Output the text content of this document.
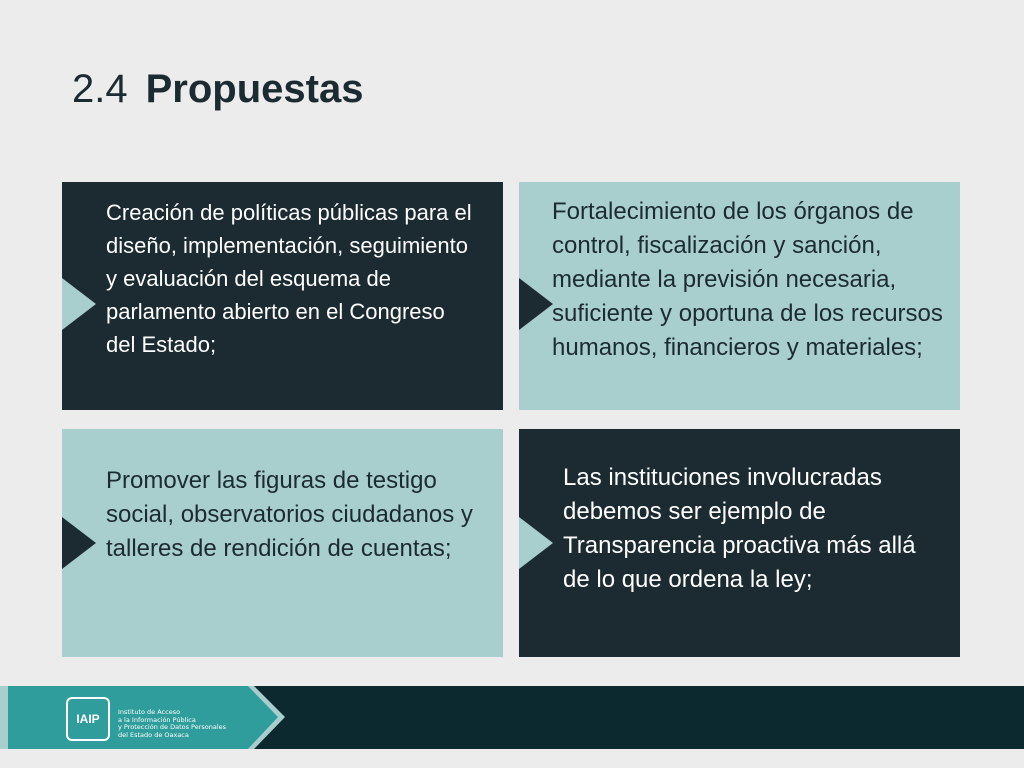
2.4 Propuestas
Creación de políticas públicas para el diseño, implementación, seguimiento y evaluación del esquema de parlamento abierto en el Congreso del Estado;
Fortalecimiento de los órganos de control, fiscalización y sanción, mediante la previsión necesaria, suficiente y oportuna de los recursos humanos, financieros y materiales;
Promover las figuras de testigo social, observatorios ciudadanos y talleres de rendición de cuentas;
Las instituciones involucradas debemos ser ejemplo de Transparencia proactiva más allá de lo que ordena la ley;
IAIP	Instituto de Acceso
a la Información Pública
y Protección de Datos Personales
del Estado de Oaxaca
